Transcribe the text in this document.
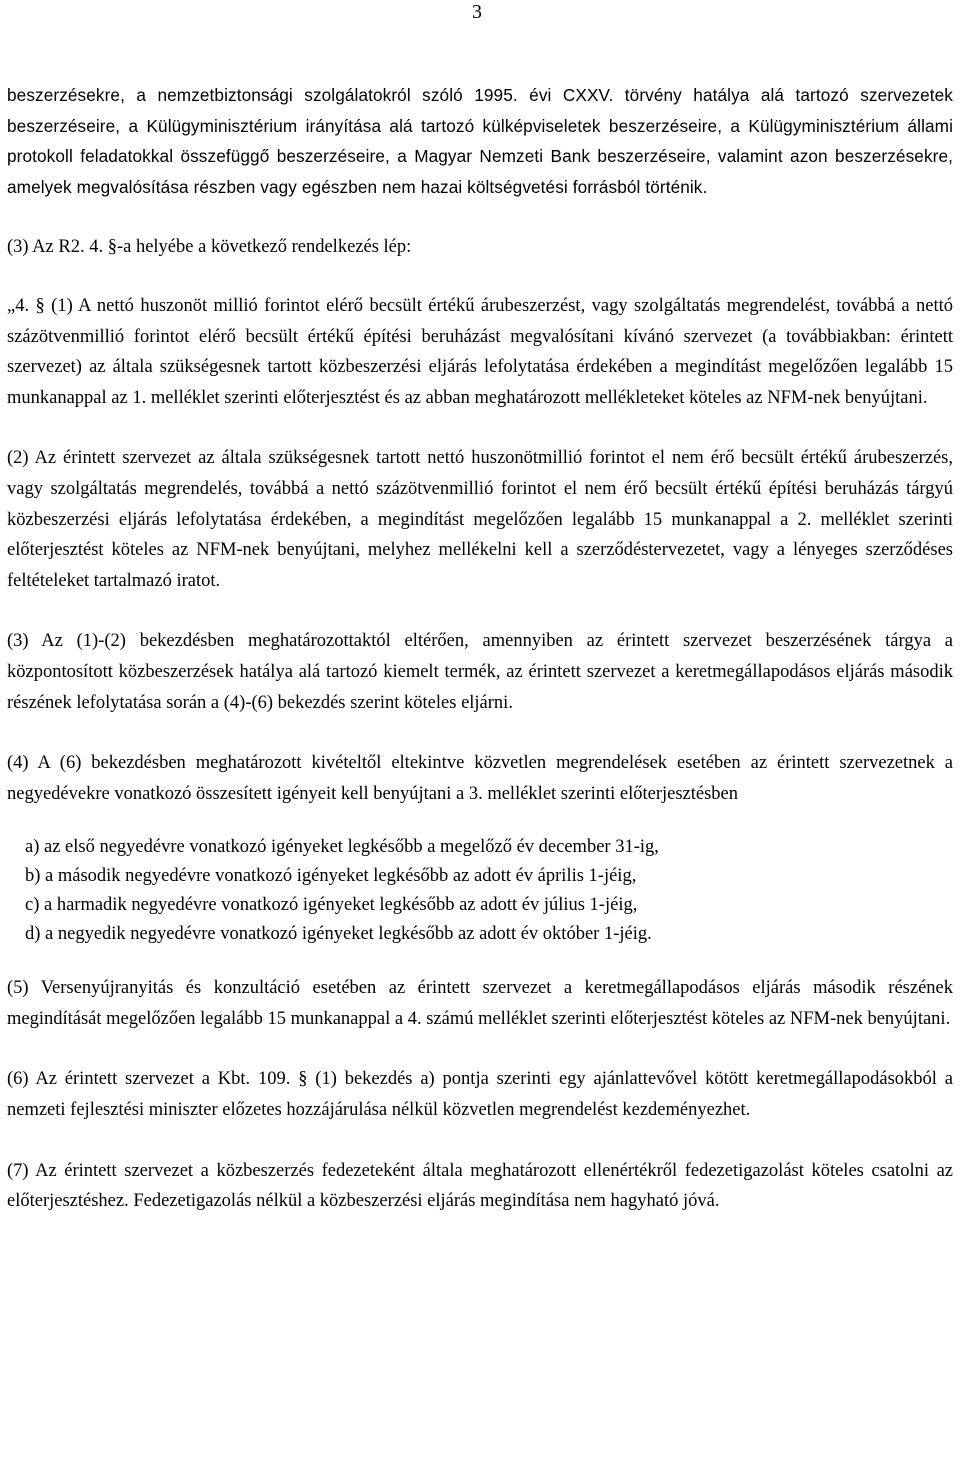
3

beszerzésekre, a nemzetbiztonsági szolgálatokról szóló 1995. évi CXXV. törvény hatálya alá tartozó szervezetek beszerzéseire, a Külügyminisztérium irányítása alá tartozó külképviseletek beszerzéseire, a Külügyminisztérium állami protokoll feladatokkal összefüggő beszerzéseire, a Magyar Nemzeti Bank beszerzéseire, valamint azon beszerzésekre, amelyek megvalósítása részben vagy egészben nem hazai költségvetési forrásból történik.

(3) Az R2. 4. §-a helyébe a következő rendelkezés lép:

„4. § (1) A nettó huszonöt millió forintot elérő becsült értékű árubeszerzést, vagy szolgáltatás megrendelést, továbbá a nettó százötvenmillió forintot elérő becsült értékű építési beruházást megvalósítani kívánó szervezet (a továbbiakban: érintett szervezet) az általa szükségesnek tartott közbeszerzési eljárás lefolytatása érdekében a megindítást megelőzően legalább 15 munkanappal az 1. melléklet szerinti előterjesztést és az abban meghatározott mellékleteket köteles az NFM-nek benyújtani.

(2) Az érintett szervezet az általa szükségesnek tartott nettó huszonötmillió forintot el nem érő becsült értékű árubeszerzés, vagy szolgáltatás megrendelés, továbbá a nettó százötvenmillió forintot el nem érő becsült értékű építési beruházás tárgyú közbeszerzési eljárás lefolytatása érdekében, a megindítást megelőzően legalább 15 munkanappal a 2. melléklet szerinti előterjesztést köteles az NFM-nek benyújtani, melyhez mellékelni kell a szerződéstervezetet, vagy a lényeges szerződéses feltételeket tartalmazó iratot.

(3) Az (1)-(2) bekezdésben meghatározottaktól eltérően, amennyiben az érintett szervezet beszerzésének tárgya a központosított közbeszerzések hatálya alá tartozó kiemelt termék, az érintett szervezet a keretmegállapodásos eljárás második részének lefolytatása során a (4)-(6) bekezdés szerint köteles eljárni.

(4) A (6) bekezdésben meghatározott kivételtől eltekintve közvetlen megrendelések esetében az érintett szervezetnek a negyedévekre vonatkozó összesített igényeit kell benyújtani a 3. melléklet szerinti előterjesztésben

a) az első negyedévre vonatkozó igényeket legkésőbb a megelőző év december 31-ig,

b) a második negyedévre vonatkozó igényeket legkésőbb az adott év április 1-jéig,

c) a harmadik negyedévre vonatkozó igényeket legkésőbb az adott év július 1-jéig,

d) a negyedik negyedévre vonatkozó igényeket legkésőbb az adott év október 1-jéig.

(5) Versenyújranyitás és konzultáció esetében az érintett szervezet a keretmegállapodásos eljárás második részének megindítását megelőzően legalább 15 munkanappal a 4. számú melléklet szerinti előterjesztést köteles az NFM-nek benyújtani.

(6) Az érintett szervezet a Kbt. 109. § (1) bekezdés a) pontja szerinti egy ajánlattevővel kötött keretmegállapodásokból a nemzeti fejlesztési miniszter előzetes hozzájárulása nélkül közvetlen megrendelést kezdeményezhet.

(7) Az érintett szervezet a közbeszerzés fedezeteként általa meghatározott ellenértékről fedezetigazolást köteles csatolni az előterjesztéshez. Fedezetigazolás nélkül a közbeszerzési eljárás megindítása nem hagyható jóvá.
